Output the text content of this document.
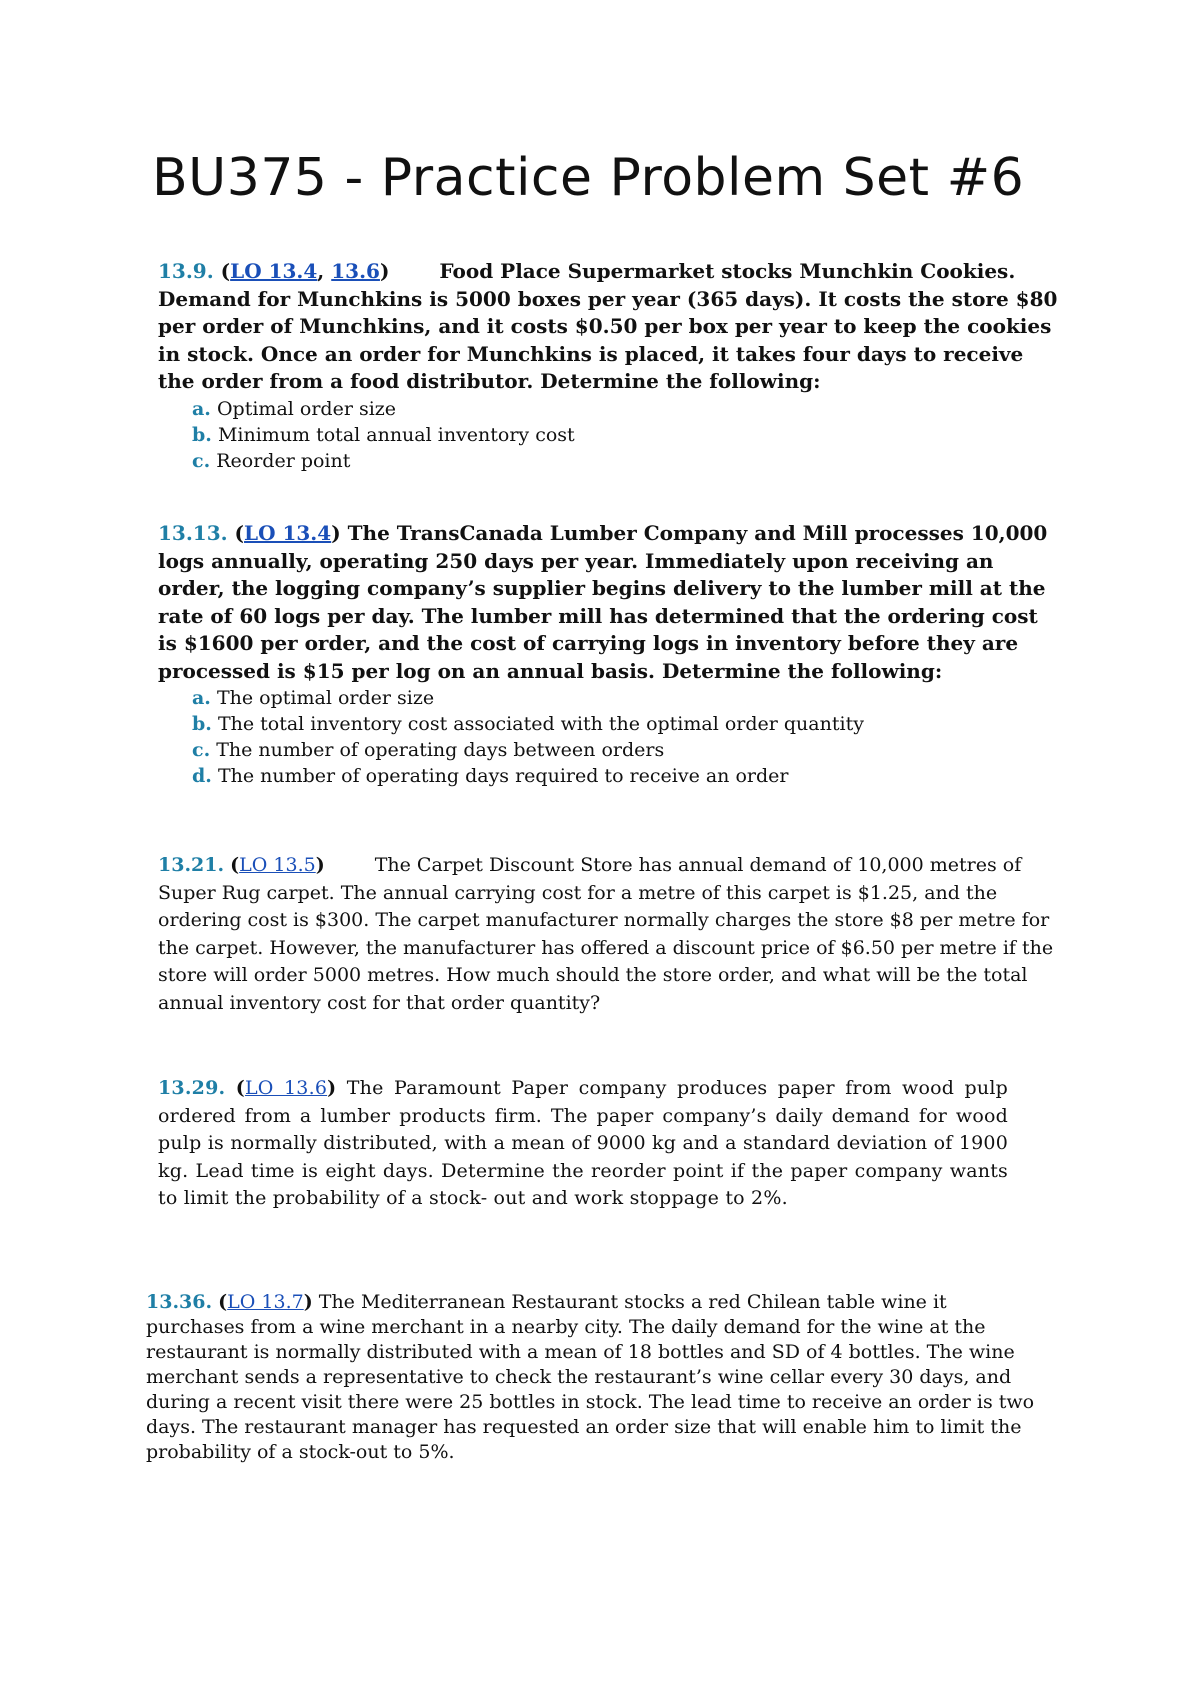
BU375 - Practice Problem Set #6

13.9. (LO 13.4, 13.6)	Food Place Supermarket stocks Munchkin Cookies. Demand for Munchkins is 5000 boxes per year (365 days). It costs the store $80 per order of Munchkins, and it costs $0.50 per box per year to keep the cookies in stock. Once an order for Munchkins is placed, it takes four days to receive the order from a food distributor. Determine the following:

a. Optimal order size
b. Minimum total annual inventory cost
c. Reorder point

13.13. (LO 13.4) The TransCanada Lumber Company and Mill processes 10,000 logs annually, operating 250 days per year. Immediately upon receiving an order, the logging company’s supplier begins delivery to the lumber mill at the rate of 60 logs per day. The lumber mill has determined that the ordering cost is $1600 per order, and the cost of carrying logs in inventory before they are processed is $15 per log on an annual basis. Determine the following:

a. The optimal order size
b. The total inventory cost associated with the optimal order quantity
c. The number of operating days between orders
d. The number of operating days required to receive an order

13.21. (LO 13.5)	The Carpet Discount Store has annual demand of 10,000 metres of Super Rug carpet. The annual carrying cost for a metre of this carpet is $1.25, and the ordering cost is $300. The carpet manufacturer normally charges the store $8 per metre for the carpet. However, the manufacturer has offered a discount price of $6.50 per metre if the store will order 5000 metres. How much should the store order, and what will be the total annual inventory cost for that order quantity?

13.29. (LO 13.6) The Paramount Paper company produces paper from wood pulp ordered from a lumber products firm. The paper company’s daily demand for wood pulp is normally distributed, with a mean of 9000 kg and a standard deviation of 1900 kg. Lead time is eight days. Determine the reorder point if the paper company wants to limit the probability of a stock- out and work stoppage to 2%.

13.36. (LO 13.7) The Mediterranean Restaurant stocks a red Chilean table wine it purchases from a wine merchant in a nearby city. The daily demand for the wine at the restaurant is normally distributed with a mean of 18 bottles and SD of 4 bottles. The wine merchant sends a representative to check the restaurant’s wine cellar every 30 days, and during a recent visit there were 25 bottles in stock. The lead time to receive an order is two days. The restaurant manager has requested an order size that will enable him to limit the probability of a stock-out to 5%.
